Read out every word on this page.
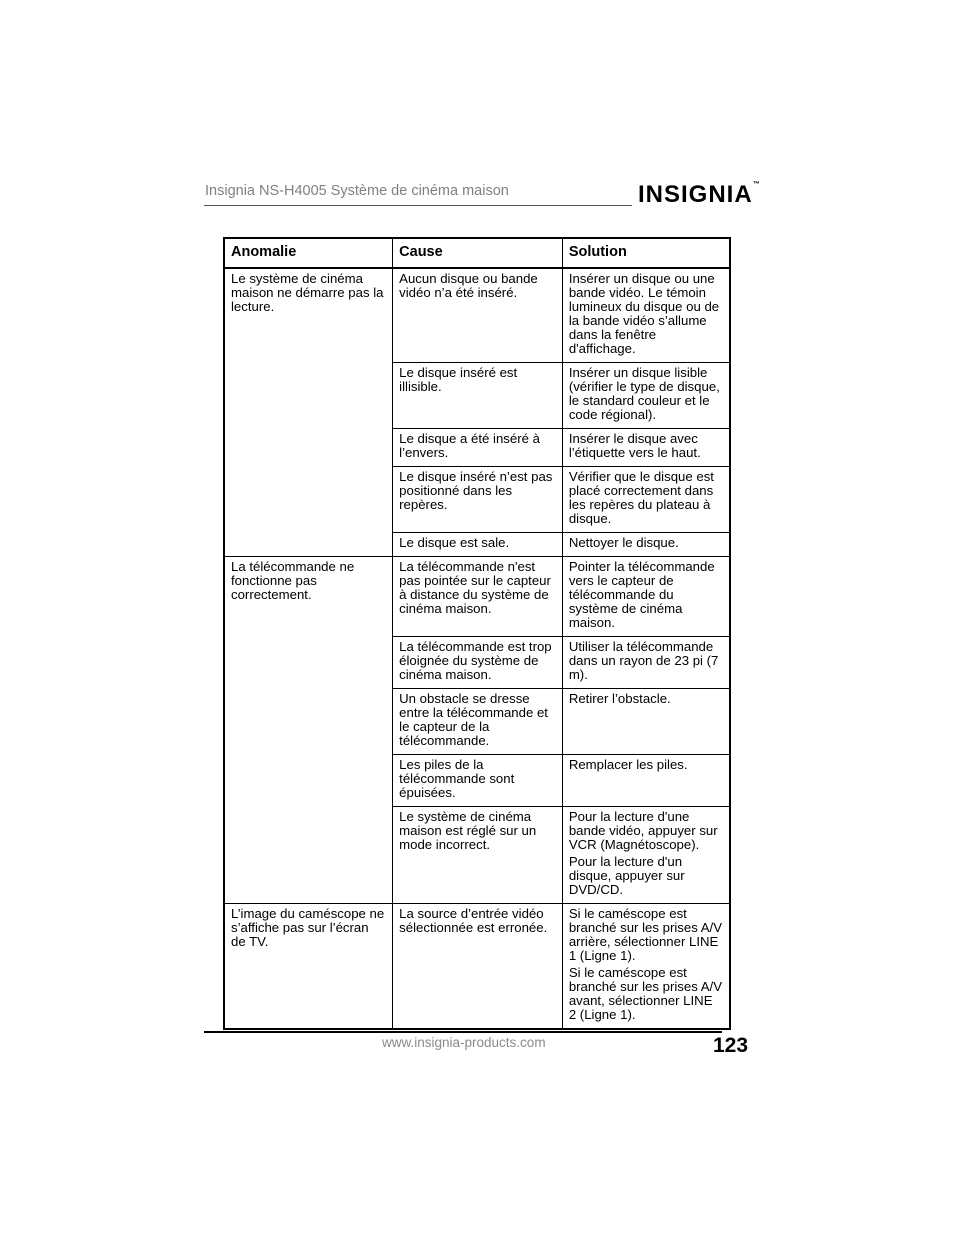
Insignia NS-H4005 Système de cinéma maison	INSIGNIA™
Anomalie	Cause	Solution
Le système de cinéma maison ne démarre pas la lecture.	Aucun disque ou bande vidéo n’a été inséré.	Insérer un disque ou une bande vidéo. Le témoin lumineux du disque ou de la bande vidéo s’allume dans la fenêtre d'affichage.

	Le disque inséré est illisible.	Insérer un disque lisible (vérifier le type de disque, le standard couleur et le code régional).

	Le disque a été inséré à l’envers.	Insérer le disque avec l’étiquette vers le haut.

	Le disque inséré n’est pas positionné dans les repères.	Vérifier que le disque est placé correctement dans les repères du plateau à disque.

	Le disque est sale.	Nettoyer le disque.

La télécommande ne fonctionne pas correctement.	La télécommande n'est pas pointée sur le capteur à distance du système de cinéma maison.	Pointer la télécommande vers le capteur de télécommande du système de cinéma maison.

	La télécommande est trop éloignée du système de cinéma maison.	Utiliser la télécommande dans un rayon de 23 pi (7 m).

	Un obstacle se dresse entre la télécommande et le capteur de la télécommande.	Retirer l’obstacle.

	Les piles de la télécommande sont épuisées.	Remplacer les piles.

	Le système de cinéma maison est réglé sur un mode incorrect.	Pour la lecture d'une bande vidéo, appuyer sur VCR (Magnétoscope).
Pour la lecture d'un disque, appuyer sur DVD/CD.

L’image du caméscope ne s’affiche pas sur l’écran de TV.	La source d’entrée vidéo sélectionnée est erronée.	Si le caméscope est branché sur les prises A/V arrière, sélectionner LINE 1 (Ligne 1).
Si le caméscope est branché sur les prises A/V avant, sélectionner LINE 2 (Ligne 1).
www.insignia-products.com	123
